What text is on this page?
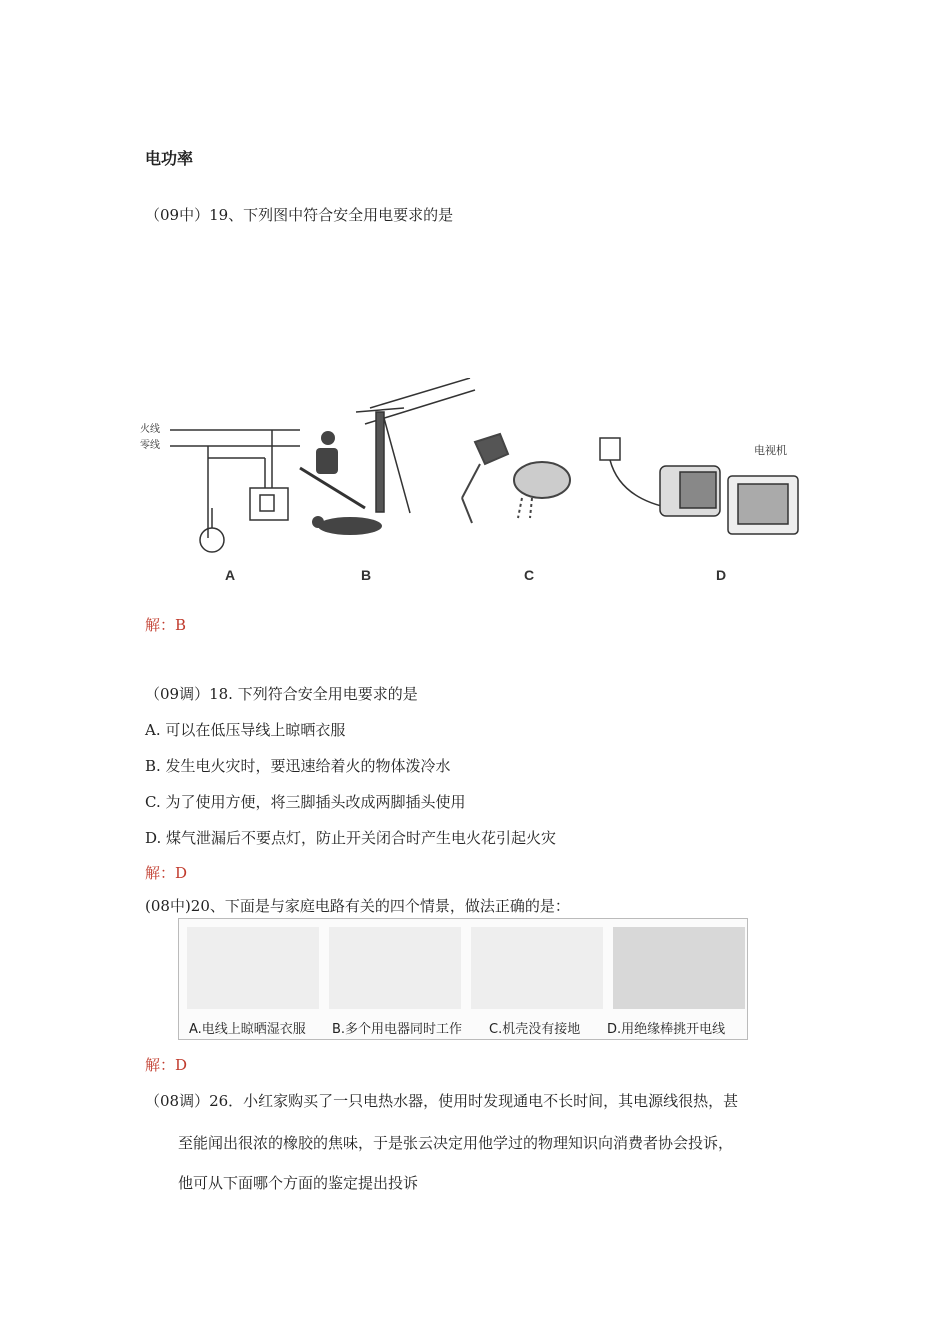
电功率
（09中）19、下列图中符合安全用电要求的是
火线
零线	电视机
A	B	C	D
解：B
（09调）18. 下列符合安全用电要求的是
A. 可以在低压导线上晾晒衣服
B. 发生电火灾时，要迅速给着火的物体泼冷水
C. 为了使用方便，将三脚插头改成两脚插头使用
D. 煤气泄漏后不要点灯，防止开关闭合时产生电火花引起火灾
解：D
(08中)20、下面是与家庭电路有关的四个情景，做法正确的是：
A.电线上晾晒湿衣服 B.多个用电器同时工作 C.机壳没有接地 D.用绝缘棒挑开电线
解：D
（08调）26．小红家购买了一只电热水器，使用时发现通电不长时间，其电源线很热，甚
至能闻出很浓的橡胶的焦味，于是张云决定用他学过的物理知识向消费者协会投诉，
他可从下面哪个方面的鉴定提出投诉
